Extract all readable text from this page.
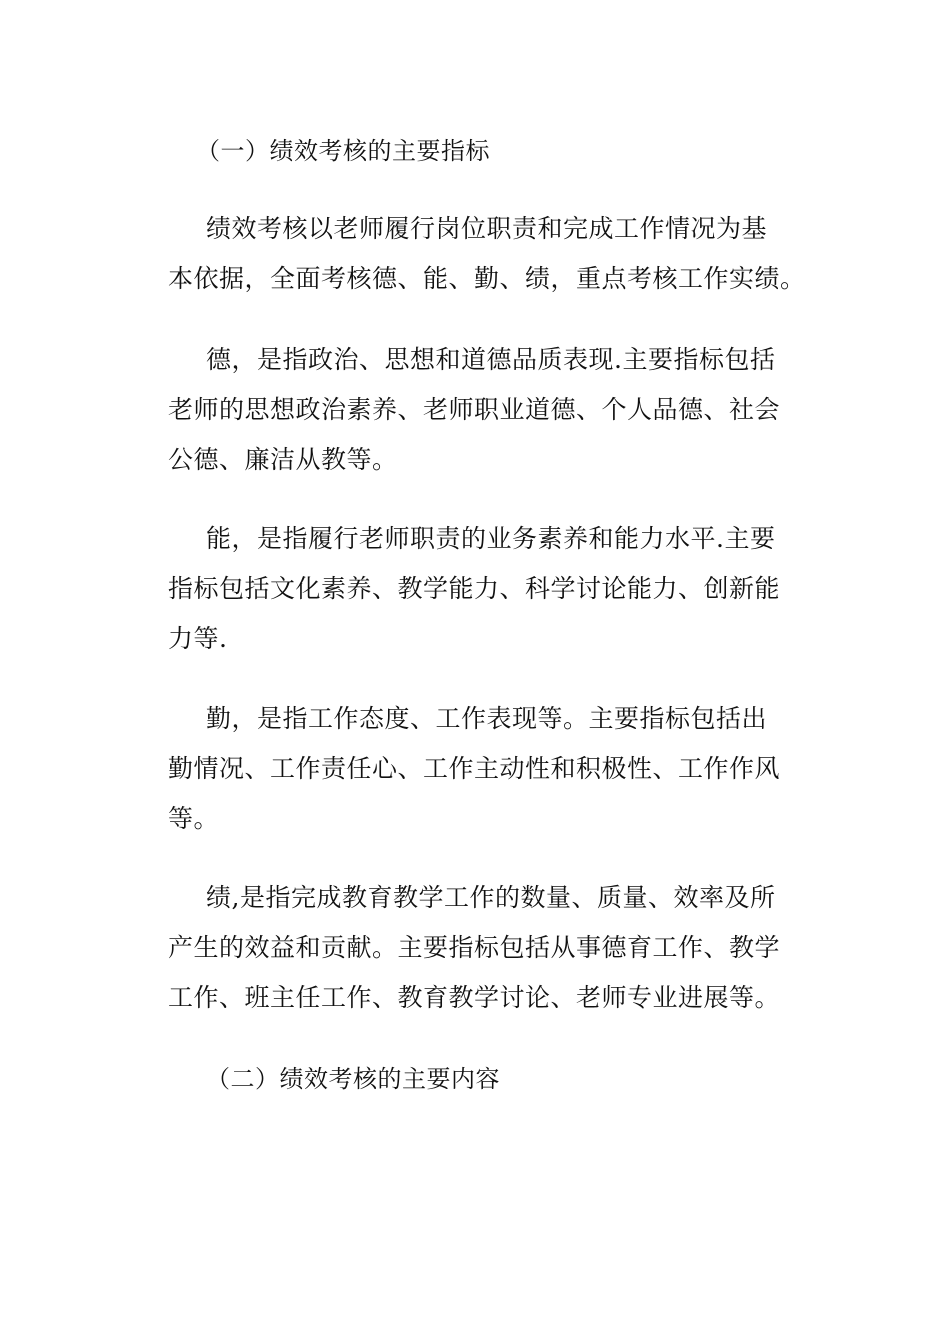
（一）绩效考核的主要指标
绩效考核以老师履行岗位职责和完成工作情况为基
本依据，全面考核德、能、勤、绩，重点考核工作实绩。
德，是指政治、思想和道德品质表现.主要指标包括
老师的思想政治素养、老师职业道德、个人品德、社会
公德、廉洁从教等。
能，是指履行老师职责的业务素养和能力水平.主要
指标包括文化素养、教学能力、科学讨论能力、创新能
力等.
勤，是指工作态度、工作表现等。主要指标包括出
勤情况、工作责任心、工作主动性和积极性、工作作风
等。
绩,是指完成教育教学工作的数量、质量、效率及所
产生的效益和贡献。主要指标包括从事德育工作、教学
工作、班主任工作、教育教学讨论、老师专业进展等。
（二）绩效考核的主要内容
